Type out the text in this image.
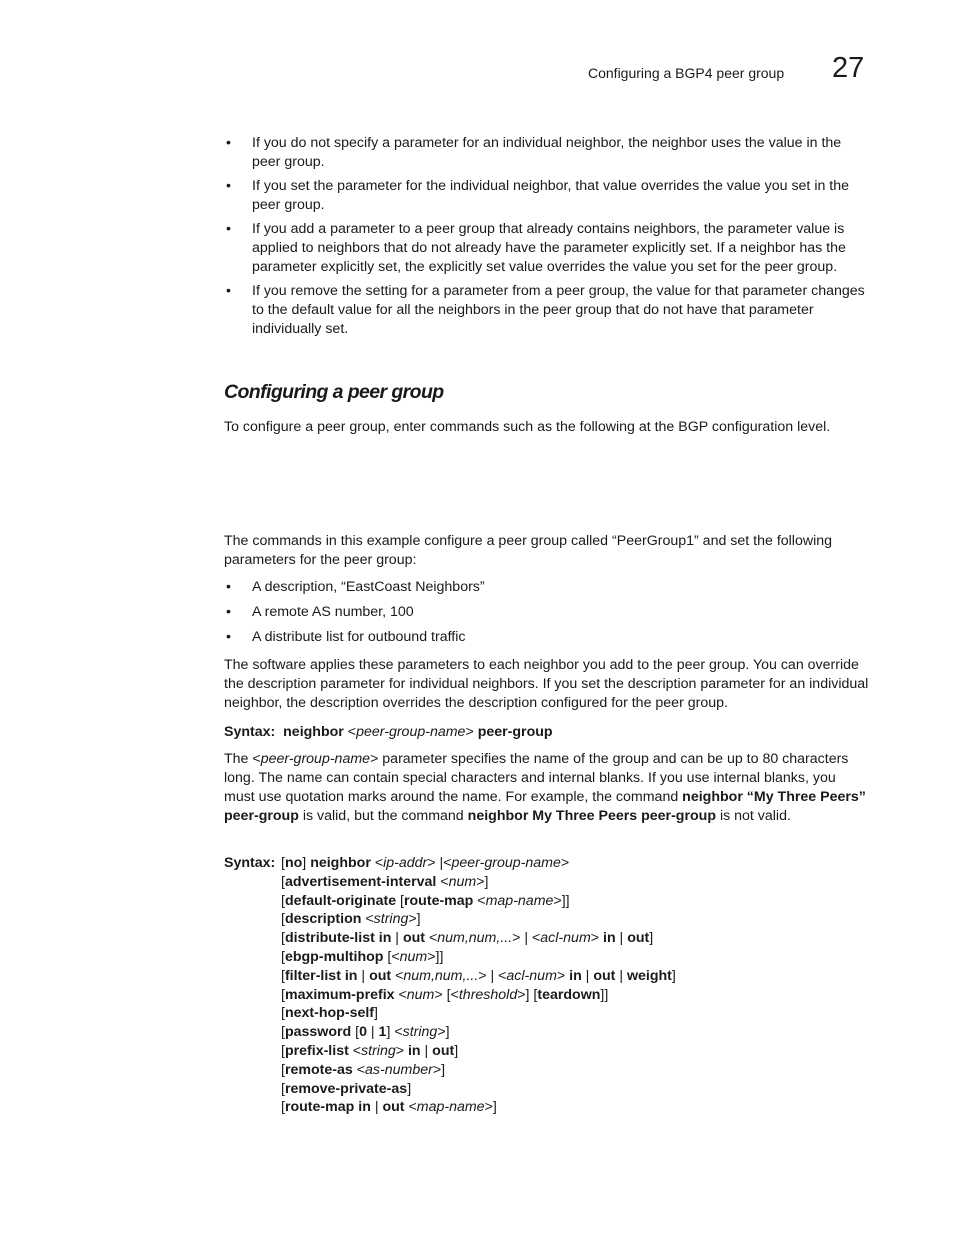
Configuring a BGP4 peer group 27
• If you do not specify a parameter for an individual neighbor, the neighbor uses the value in the peer group.
• If you set the parameter for the individual neighbor, that value overrides the value you set in the peer group.
• If you add a parameter to a peer group that already contains neighbors, the parameter value is applied to neighbors that do not already have the parameter explicitly set. If a neighbor has the parameter explicitly set, the explicitly set value overrides the value you set for the peer group.
• If you remove the setting for a parameter from a peer group, the value for that parameter changes to the default value for all the neighbors in the peer group that do not have that parameter individually set.
Configuring a peer group
To configure a peer group, enter commands such as the following at the BGP configuration level.
The commands in this example configure a peer group called “PeerGroup1” and set the following parameters for the peer group:
• A description, “EastCoast Neighbors”
• A remote AS number, 100
• A distribute list for outbound traffic
The software applies these parameters to each neighbor you add to the peer group. You can override the description parameter for individual neighbors. If you set the description parameter for an individual neighbor, the description overrides the description configured for the peer group.
Syntax: neighbor <peer-group-name> peer-group
The <peer-group-name> parameter specifies the name of the group and can be up to 80 characters long. The name can contain special characters and internal blanks. If you use internal blanks, you must use quotation marks around the name. For example, the command neighbor “My Three Peers” peer-group is valid, but the command neighbor My Three Peers peer-group is not valid.
Syntax: [no] neighbor <ip-addr> |<peer-group-name>
[advertisement-interval <num>]
[default-originate [route-map <map-name>]]
[description <string>]
[distribute-list in | out <num,num,...> | <acl-num> in | out]
[ebgp-multihop [<num>]]
[filter-list in | out <num,num,...> | <acl-num> in | out | weight]
[maximum-prefix <num> [<threshold>] [teardown]]
[next-hop-self]
[password [0 | 1] <string>]
[prefix-list <string> in | out]
[remote-as <as-number>]
[remove-private-as]
[route-map in | out <map-name>]
